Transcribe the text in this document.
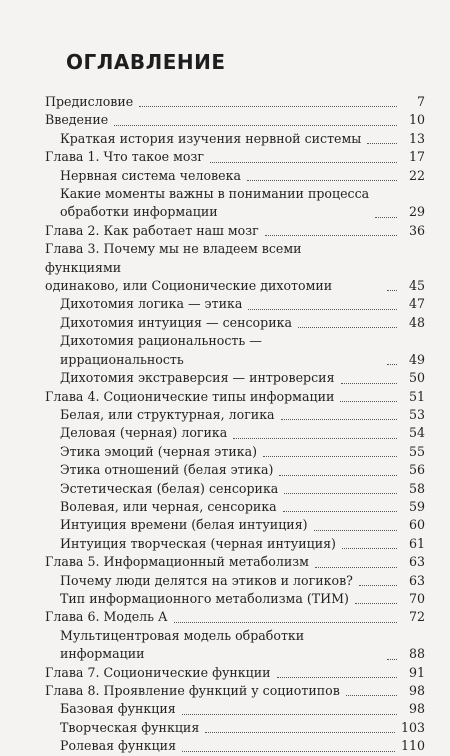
ОГЛАВЛЕНИЕ
Предисловие	7
Введение	10
Краткая история изучения нервной системы	13
Глава 1. Что такое мозг	17
Нервная система человека	22
Какие моменты важны в понимании процесса
обработки информации	29
Глава 2. Как работает наш мозг	36
Глава 3. Почему мы не владеем всеми функциями
одинаково, или Соционические дихотомии	45
Дихотомия логика — этика	47
Дихотомия интуиция — сенсорика	48
Дихотомия рациональность — иррациональность	49
Дихотомия экстраверсия — интроверсия	50
Глава 4. Соционические типы информации	51
Белая, или структурная, логика	53
Деловая (черная) логика	54
Этика эмоций (черная этика)	55
Этика отношений (белая этика)	56
Эстетическая (белая) сенсорика	58
Волевая, или черная, сенсорика	59
Интуиция времени (белая интуиция)	60
Интуиция творческая (черная интуиция)	61
Глава 5. Информационный метаболизм	63
Почему люди делятся на этиков и логиков?	63
Тип информационного метаболизма (ТИМ)	70
Глава 6. Модель А	72
Мультицентровая модель обработки информации	88
Глава 7. Соционические функции	91
Глава 8. Проявление функций у социотипов	98
Базовая функция	98
Творческая функция	103
Ролевая функция	110
